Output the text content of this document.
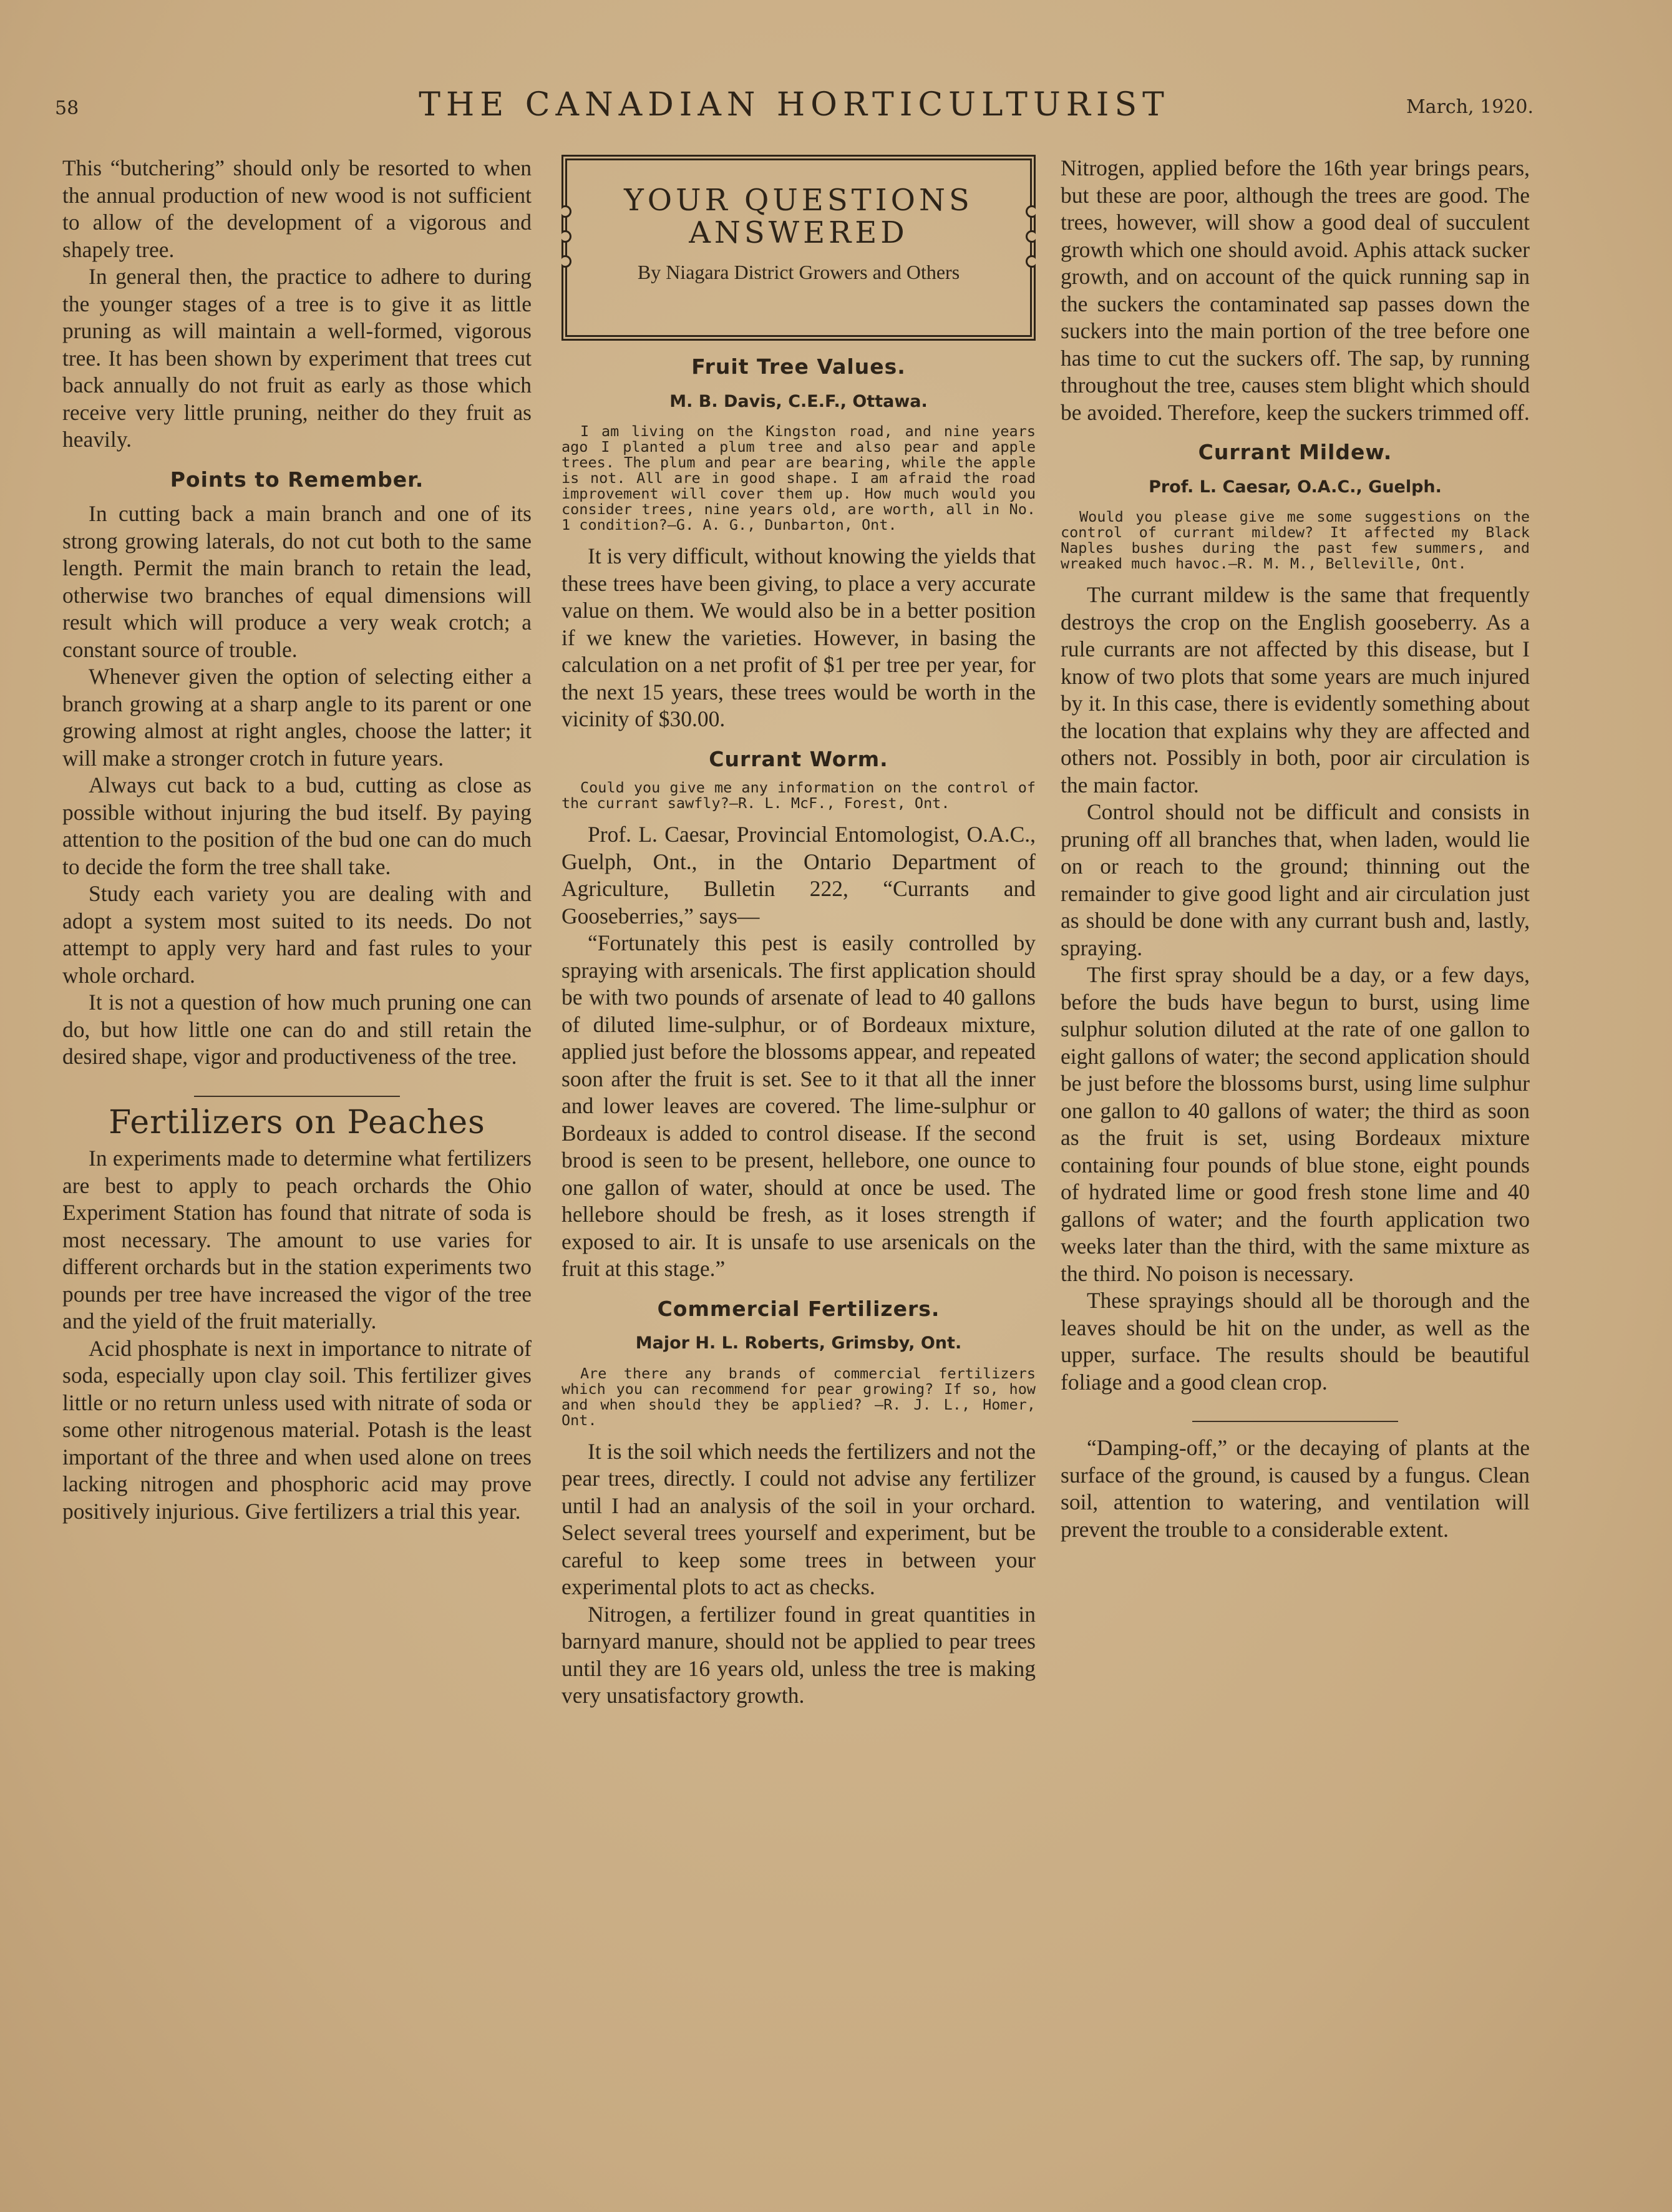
58	THE CANADIAN HORTICULTURIST	March, 1920.

This “butchering” should only be resorted to when the annual production of new wood is not sufficient to allow of the development of a vigorous and shapely tree.

In general then, the practice to adhere to during the younger stages of a tree is to give it as little pruning as will maintain a well-formed, vigorous tree. It has been shown by experiment that trees cut back annually do not fruit as early as those which receive very little pruning, neither do they fruit as heavily.

Points to Remember.

In cutting back a main branch and one of its strong growing laterals, do not cut both to the same length. Permit the main branch to retain the lead, otherwise two branches of equal dimensions will result which will produce a very weak crotch; a constant source of trouble.

Whenever given the option of selecting either a branch growing at a sharp angle to its parent or one growing almost at right angles, choose the latter; it will make a stronger crotch in future years.

Always cut back to a bud, cutting as close as possible without injuring the bud itself. By paying attention to the position of the bud one can do much to decide the form the tree shall take.

Study each variety you are dealing with and adopt a system most suited to its needs. Do not attempt to apply very hard and fast rules to your whole orchard.

It is not a question of how much pruning one can do, but how little one can do and still retain the desired shape, vigor and productiveness of the tree.

Fertilizers on Peaches

In experiments made to determine what fertilizers are best to apply to peach orchards the Ohio Experiment Station has found that nitrate of soda is most necessary. The amount to use varies for different orchards but in the station experiments two pounds per tree have increased the vigor of the tree and the yield of the fruit materially.

Acid phosphate is next in importance to nitrate of soda, especially upon clay soil. This fertilizer gives little or no return unless used with nitrate of soda or some other nitrogenous material. Potash is the least important of the three and when used alone on trees lacking nitrogen and phosphoric acid may prove positively injurious. Give fertilizers a trial this year.

YOUR QUESTIONS ANSWERED
By Niagara District Growers and Others
Fruit Tree Values.
M. B. Davis, C.E.F., Ottawa.
I am living on the Kingston road, and nine years ago I planted a plum tree and also pear and apple trees. The plum and pear are bearing, while the apple is not. All are in good shape. I am afraid the road improvement will cover them up. How much would you consider trees, nine years old, are worth, all in No. 1 condition?—G. A. G., Dunbarton, Ont.

It is very difficult, without knowing the yields that these trees have been giving, to place a very accurate value on them. We would also be in a better position if we knew the varieties. However, in basing the calculation on a net profit of $1 per tree per year, for the next 15 years, these trees would be worth in the vicinity of $30.00.

Currant Worm.
Could you give me any information on the control of the currant sawfly?—R. L. McF., Forest, Ont.

Prof. L. Caesar, Provincial Entomologist, O.A.C., Guelph, Ont., in the Ontario Department of Agriculture, Bulletin 222, “Currants and Gooseberries,” says—

“Fortunately this pest is easily controlled by spraying with arsenicals. The first application should be with two pounds of arsenate of lead to 40 gallons of diluted lime-sulphur, or of Bordeaux mixture, applied just before the blossoms appear, and repeated soon after the fruit is set. See to it that all the inner and lower leaves are covered. The lime-sulphur or Bordeaux is added to control disease. If the second brood is seen to be present, hellebore, one ounce to one gallon of water, should at once be used. The hellebore should be fresh, as it loses strength if exposed to air. It is unsafe to use arsenicals on the fruit at this stage.”

Commercial Fertilizers.
Major H. L. Roberts, Grimsby, Ont.
Are there any brands of commercial fertilizers which you can recommend for pear growing? If so, how and when should they be applied? —R. J. L., Homer, Ont.

It is the soil which needs the fertilizers and not the pear trees, directly. I could not advise any fertilizer until I had an analysis of the soil in your orchard. Select several trees yourself and experiment, but be careful to keep some trees in between your experimental plots to act as checks.

Nitrogen, a fertilizer found in great quantities in barnyard manure, should not be applied to pear trees until they are 16 years old, unless the tree is making very unsatisfactory growth.

Nitrogen, applied before the 16th year brings pears, but these are poor, although the trees are good. The trees, however, will show a good deal of succulent growth which one should avoid. Aphis attack sucker growth, and on account of the quick running sap in the suckers the contaminated sap passes down the suckers into the main portion of the tree before one has time to cut the suckers off. The sap, by running throughout the tree, causes stem blight which should be avoided. Therefore, keep the suckers trimmed off.

Currant Mildew.
Prof. L. Caesar, O.A.C., Guelph.
Would you please give me some suggestions on the control of currant mildew? It affected my Black Naples bushes during the past few summers, and wreaked much havoc.—R. M. M., Belleville, Ont.

The currant mildew is the same that frequently destroys the crop on the English gooseberry. As a rule currants are not affected by this disease, but I know of two plots that some years are much injured by it. In this case, there is evidently something about the location that explains why they are affected and others not. Possibly in both, poor air circulation is the main factor.

Control should not be difficult and consists in pruning off all branches that, when laden, would lie on or reach to the ground; thinning out the remainder to give good light and air circulation just as should be done with any currant bush and, lastly, spraying.

The first spray should be a day, or a few days, before the buds have begun to burst, using lime sulphur solution diluted at the rate of one gallon to eight gallons of water; the second application should be just before the blossoms burst, using lime sulphur one gallon to 40 gallons of water; the third as soon as the fruit is set, using Bordeaux mixture containing four pounds of blue stone, eight pounds of hydrated lime or good fresh stone lime and 40 gallons of water; and the fourth application two weeks later than the third, with the same mixture as the third. No poison is necessary.

These sprayings should all be thorough and the leaves should be hit on the under, as well as the upper, surface. The results should be beautiful foliage and a good clean crop.

“Damping-off,” or the decaying of plants at the surface of the ground, is caused by a fungus. Clean soil, attention to watering, and ventilation will prevent the trouble to a considerable extent.
